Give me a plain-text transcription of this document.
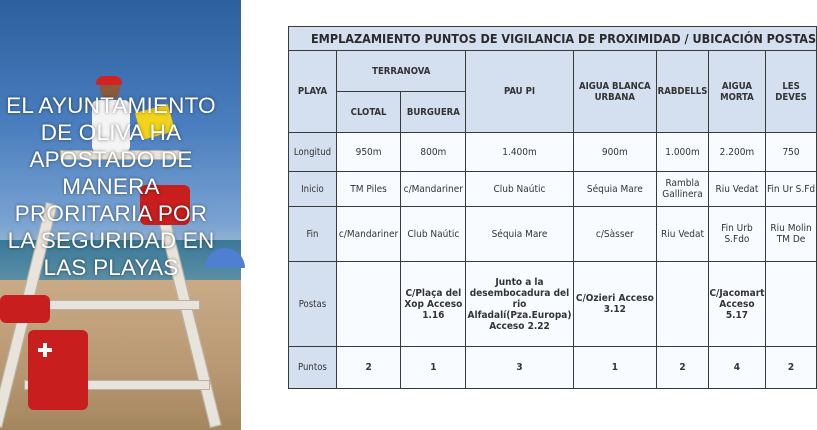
EL AYUNTAMIENTO DE OLIVA HA APOSTADO DE MANERA PRORITARIA POR LA SEGURIDAD EN LAS PLAYAS
EMPLAZAMIENTO PUNTOS DE VIGILANCIA DE PROXIMIDAD / UBICACIÓN POSTAS							
PLAYA	TERRANOVA		PAU PI	AIGUA BLANCA URBANA	RABDELLS	AIGUA MORTA	LES DEVES
	CLOTAL	BURGUERA					
Longitud	950m	800m	1.400m	900m	1.000m	2.200m	750
Inicio	TM Piles	c/Mandariner	Club Naútic	Séquia Mare	Rambla Gallinera	Riu Vedat	Fin Ur S.Fd
Fin	c/Mandariner	Club Naútic	Séquia Mare	c/Sàsser	Riu Vedat	Fin Urb S.Fdo	Riu Molin TM De
Postas		C/Plaça del Xop Acceso 1.16	Junto a la desembocadura del rio Alfadalí(Pza.Europa) Acceso 2.22	C/Ozieri Acceso 3.12		C/Jacomart Acceso 5.17	
Puntos	2	1	3	1	2	4	2
